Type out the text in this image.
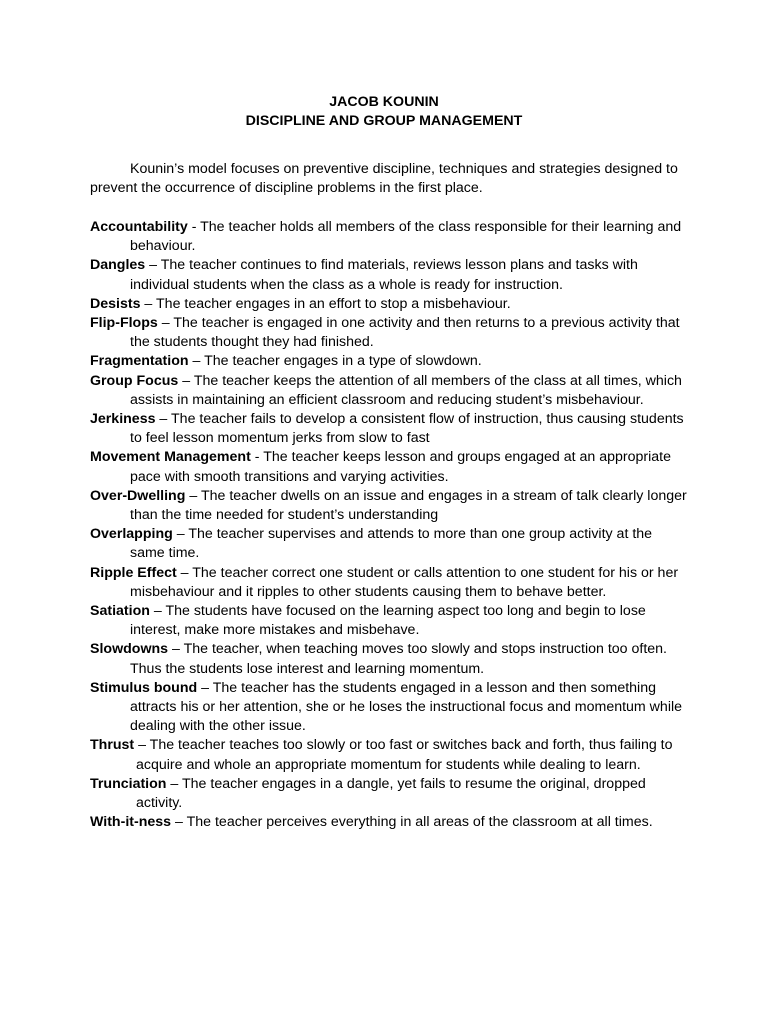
JACOB KOUNIN
DISCIPLINE AND GROUP MANAGEMENT
Kounin’s model focuses on preventive discipline, techniques and strategies designed to prevent the occurrence of discipline problems in the first place.

Accountability - The teacher holds all members of the class responsible for their learning and behaviour.

Dangles – The teacher continues to find materials, reviews lesson plans and tasks with individual students when the class as a whole is ready for instruction.

Desists – The teacher engages in an effort to stop a misbehaviour.

Flip-Flops – The teacher is engaged in one activity and then returns to a previous activity that the students thought they had finished.

Fragmentation – The teacher engages in a type of slowdown.

Group Focus – The teacher keeps the attention of all members of the class at all times, which assists in maintaining an efficient classroom and reducing student’s misbehaviour.

Jerkiness – The teacher fails to develop a consistent flow of instruction, thus causing students to feel lesson momentum jerks from slow to fast

Movement Management - The teacher keeps lesson and groups engaged at an appropriate pace with smooth transitions and varying activities.

Over-Dwelling – The teacher dwells on an issue and engages in a stream of talk clearly longer than the time needed for student’s understanding

Overlapping – The teacher supervises and attends to more than one group activity at the same time.

Ripple Effect – The teacher correct one student or calls attention to one student for his or her misbehaviour and it ripples to other students causing them to behave better.

Satiation – The students have focused on the learning aspect too long and begin to lose interest, make more mistakes and misbehave.

Slowdowns – The teacher, when teaching moves too slowly and stops instruction too often. Thus the students lose interest and learning momentum.

Stimulus bound – The teacher has the students engaged in a lesson and then something attracts his or her attention, she or he loses the instructional focus and momentum while dealing with the other issue.

Thrust – The teacher teaches too slowly or too fast or switches back and forth, thus failing to acquire and whole an appropriate momentum for students while dealing to learn.

Trunciation – The teacher engages in a dangle, yet fails to resume the original, dropped activity.

With-it-ness – The teacher perceives everything in all areas of the classroom at all times.
